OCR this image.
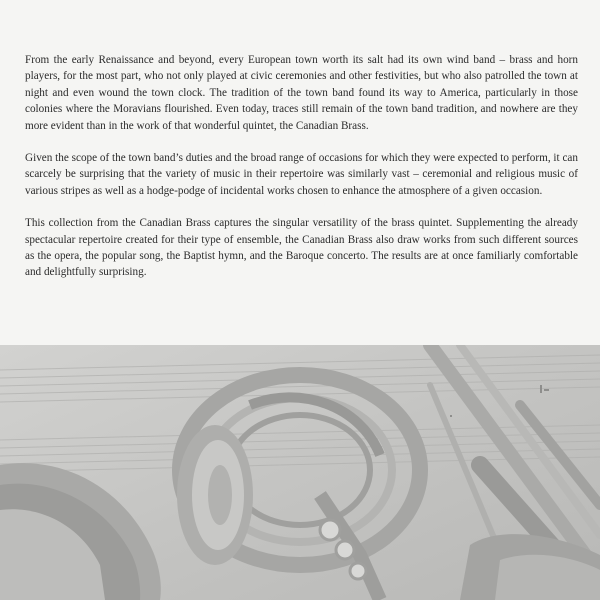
From the early Renaissance and beyond, every European town worth its salt had its own wind band – brass and horn players, for the most part, who not only played at civic ceremonies and other festivities, but who also patrolled the town at night and even wound the town clock. The tradition of the town band found its way to America, particularly in those colonies where the Moravians flourished. Even today, traces still remain of the town band tradition, and nowhere are they more evident than in the work of that wonderful quintet, the Canadian Brass.

Given the scope of the town band’s duties and the broad range of occasions for which they were expected to perform, it can scarcely be surprising that the variety of music in their repertoire was similarly vast – ceremonial and religious music of various stripes as well as a hodge-podge of incidental works chosen to enhance the atmosphere of a given occasion.

This collection from the Canadian Brass captures the singular versatility of the brass quintet. Supplementing the already spectacular repertoire created for their type of ensemble, the Canadian Brass also draw works from such different sources as the opera, the popular song, the Baptist hymn, and the Baroque concerto. The results are at once familiarly comfortable and delightfully surprising.
